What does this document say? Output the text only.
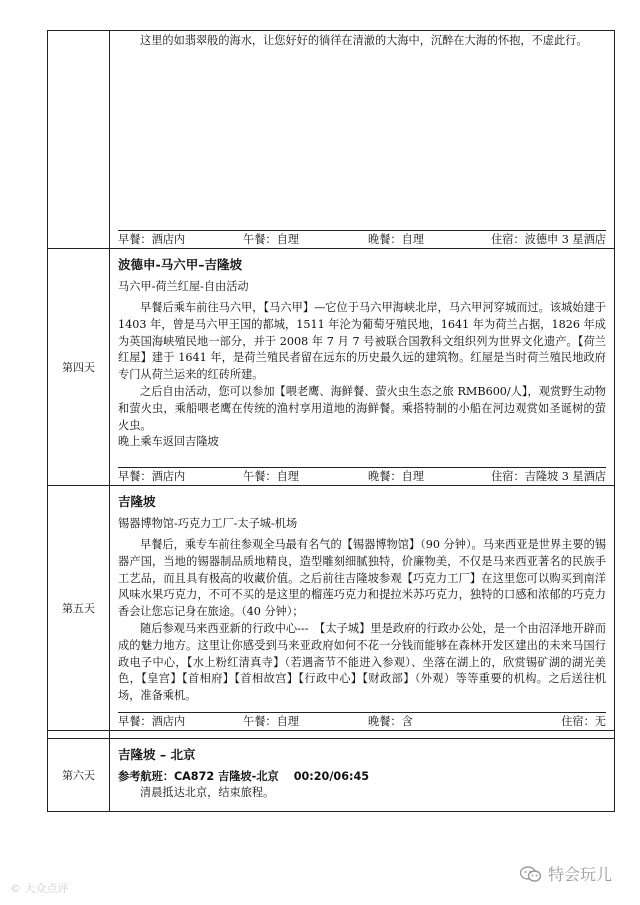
这里的如翡翠般的海水，让您好好的徜徉在清澈的大海中，沉醉在大海的怀抱，不虚此行。

早餐：酒店内	午餐：自理	晚餐：自理	住宿：波德申 3 星酒店
第四天
波德申-马六甲–吉隆坡
马六甲-荷兰红屋-自由活动

早餐后乘车前往马六甲，【马六甲】—它位于马六甲海峡北岸，马六甲河穿城而过。该城始建于 1403 年，曾是马六甲王国的都城，1511 年沦为葡萄牙殖民地，1641 年为荷兰占据，1826 年成为英国海峡殖民地一部分，并于 2008 年 7 月 7 号被联合国教科文组织列为世界文化遗产。【荷兰红屋】建于 1641 年，是荷兰殖民者留在远东的历史最久远的建筑物。红屋是当时荷兰殖民地政府专门从荷兰运来的红砖所建。

之后自由活动，您可以参加【喂老鹰、海鲜餐、萤火虫生态之旅 RMB600/人】，观赏野生动物和萤火虫，乘船喂老鹰在传统的渔村享用道地的海鲜餐。乘搭特制的小船在河边观赏如圣诞树的萤火虫。

晚上乘车返回吉隆坡

早餐：酒店内	午餐：自理	晚餐：自理	住宿：吉隆坡 3 星酒店
第五天
吉隆坡
锡器博物馆-巧克力工厂-太子城-机场

早餐后，乘专车前往参观全马最有名气的【锡器博物馆】（90 分钟）。马来西亚是世界主要的锡器产国，当地的锡器制品质地精良，造型雕刻细腻独特，价廉物美，不仅是马来西亚著名的民族手工艺品，而且具有极高的收藏价值。之后前往吉隆坡参观【巧克力工厂】在这里您可以购买到南洋风味水果巧克力，不可不买的是这里的榴莲巧克力和提拉米苏巧克力，独特的口感和浓郁的巧克力香会让您忘记身在旅途。（40 分钟）；

随后参观马来西亚新的行政中心---　【太子城】里是政府的行政办公处，是一个由沼泽地开辟而成的魅力地方。这里让你感受到马来亚政府如何不花一分钱而能够在森林开发区建出的未来马国行政电子中心，【水上粉红清真寺】（若遇斋节不能进入参观）、坐落在湖上的，欣赏锡矿湖的湖光美色，【皇宫】【首相府】【首相故宫】【行政中心】【财政部】（外观）等等重要的机构。之后送往机场，准备乘机。

早餐：酒店内	午餐：自理	晚餐：含	住宿：无
第六天
吉隆坡 – 北京

参考航班：CA872 吉隆坡-北京　 00:20/06:45

清晨抵达北京，结束旅程。

© 大众点评
特会玩儿
